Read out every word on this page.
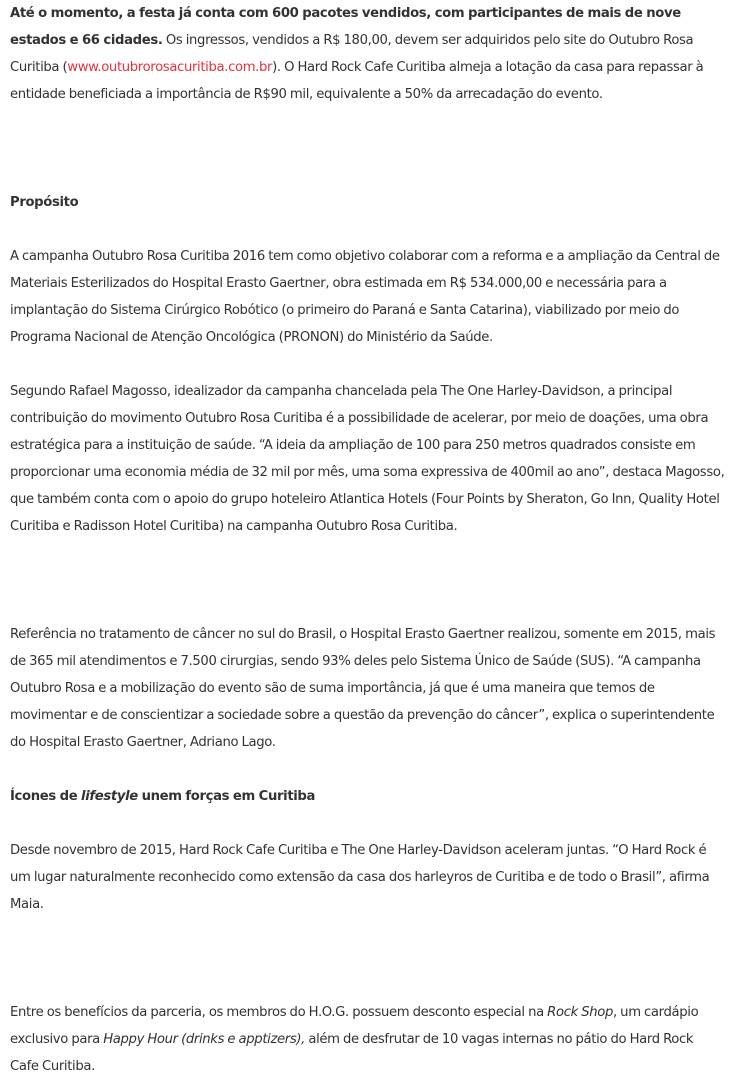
Até o momento, a festa já conta com 600 pacotes vendidos, com participantes de mais de nove estados e 66 cidades. Os ingressos, vendidos a R$ 180,00, devem ser adquiridos pelo site do Outubro Rosa Curitiba (www.outubrorosacuritiba.com.br). O Hard Rock Cafe Curitiba almeja a lotação da casa para repassar à entidade beneficiada a importância de R$90 mil, equivalente a 50% da arrecadação do evento.

Propósito

A campanha Outubro Rosa Curitiba 2016 tem como objetivo colaborar com a reforma e a ampliação da Central de Materiais Esterilizados do Hospital Erasto Gaertner, obra estimada em R$ 534.000,00 e necessária para a implantação do Sistema Cirúrgico Robótico (o primeiro do Paraná e Santa Catarina), viabilizado por meio do Programa Nacional de Atenção Oncológica (PRONON) do Ministério da Saúde.

Segundo Rafael Magosso, idealizador da campanha chancelada pela The One Harley-Davidson, a principal contribuição do movimento Outubro Rosa Curitiba é a possibilidade de acelerar, por meio de doações, uma obra estratégica para a instituição de saúde. “A ideia da ampliação de 100 para 250 metros quadrados consiste em proporcionar uma economia média de 32 mil por mês, uma soma expressiva de 400mil ao ano”, destaca Magosso, que também conta com o apoio do grupo hoteleiro Atlantica Hotels (Four Points by Sheraton, Go Inn, Quality Hotel Curitiba e Radisson Hotel Curitiba) na campanha Outubro Rosa Curitiba.

Referência no tratamento de câncer no sul do Brasil, o Hospital Erasto Gaertner realizou, somente em 2015, mais de 365 mil atendimentos e 7.500 cirurgias, sendo 93% deles pelo Sistema Único de Saúde (SUS). “A campanha Outubro Rosa e a mobilização do evento são de suma importância, já que é uma maneira que temos de movimentar e de conscientizar a sociedade sobre a questão da prevenção do câncer”, explica o superintendente do Hospital Erasto Gaertner, Adriano Lago.

Ícones de lifestyle unem forças em Curitiba

Desde novembro de 2015, Hard Rock Cafe Curitiba e The One Harley-Davidson aceleram juntas. “O Hard Rock é um lugar naturalmente reconhecido como extensão da casa dos harleyros de Curitiba e de todo o Brasil”, afirma Maia.

Entre os benefícios da parceria, os membros do H.O.G. possuem desconto especial na Rock Shop, um cardápio exclusivo para Happy Hour (drinks e apptizers), além de desfrutar de 10 vagas internas no pátio do Hard Rock Cafe Curitiba.
